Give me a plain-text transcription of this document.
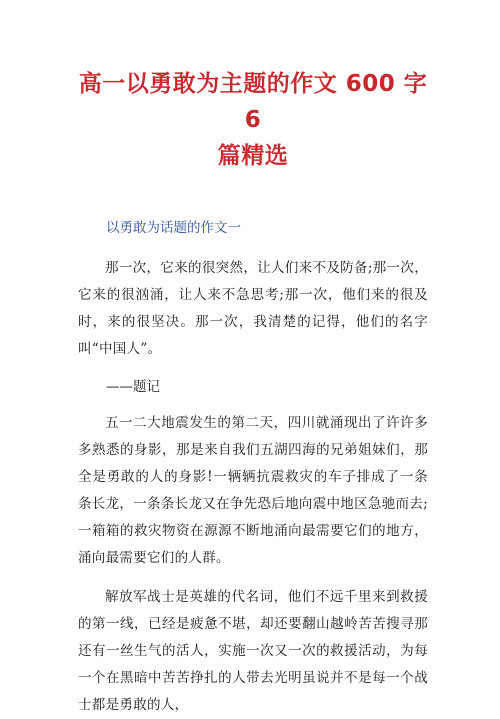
高一以勇敢为主题的作文 600 字 6
篇精选
以勇敢为话题的作文一

那一次，它来的很突然，让人们来不及防备;那一次，它来的很汹涌，让人来不急思考;那一次，他们来的很及时，来的很坚决。那一次，我清楚的记得，他们的名字叫“中国人”。

——题记

五一二大地震发生的第二天，四川就涌现出了许许多多熟悉的身影，那是来自我们五湖四海的兄弟姐妹们，那全是勇敢的人的身影!一辆辆抗震救灾的车子排成了一条条长龙，一条条长龙又在争先恐后地向震中地区急驰而去;一箱箱的救灾物资在源源不断地涌向最需要它们的地方，涌向最需要它们的人群。

解放军战士是英雄的代名词，他们不远千里来到救援的第一线，已经是疲惫不堪，却还要翻山越岭苦苦搜寻那还有一丝生气的活人，实施一次又一次的救援活动，为每一个在黑暗中苦苦挣扎的人带去光明虽说并不是每一个战士都是勇敢的人，
